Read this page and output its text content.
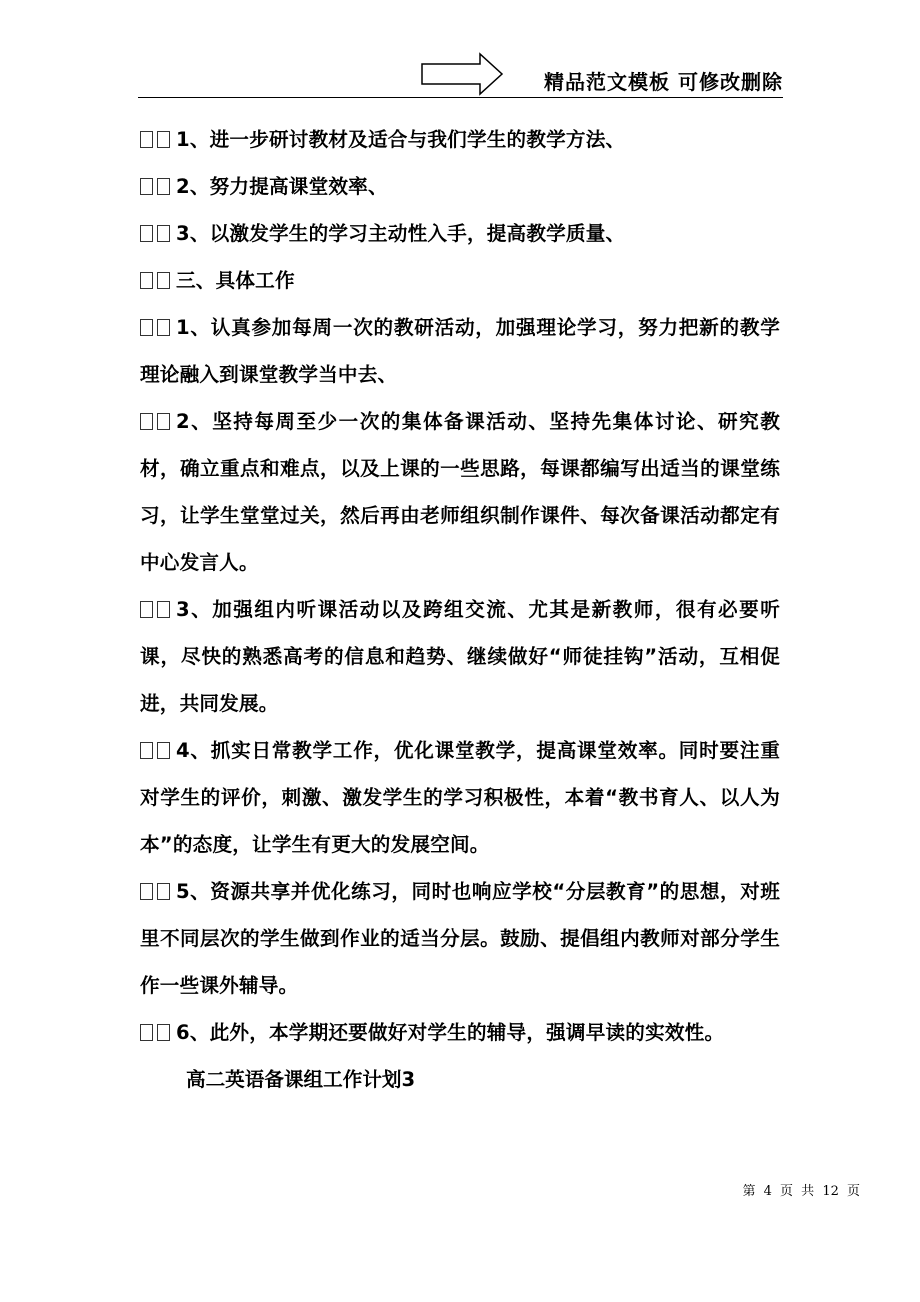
精品范文模板 可修改删除

1、进一步研讨教材及适合与我们学生的教学方法、

2、努力提高课堂效率、

3、以激发学生的学习主动性入手，提高教学质量、

三、具体工作

1、认真参加每周一次的教研活动，加强理论学习，努力把新的教学理论融入到课堂教学当中去、

2、坚持每周至少一次的集体备课活动、坚持先集体讨论、研究教材，确立重点和难点，以及上课的一些思路，每课都编写出适当的课堂练习，让学生堂堂过关，然后再由老师组织制作课件、每次备课活动都定有中心发言人。

3、加强组内听课活动以及跨组交流、尤其是新教师，很有必要听课，尽快的熟悉高考的信息和趋势、继续做好“师徒挂钩”活动，互相促进，共同发展。

4、抓实日常教学工作，优化课堂教学，提高课堂效率。同时要注重对学生的评价，刺激、激发学生的学习积极性，本着“教书育人、以人为本”的态度，让学生有更大的发展空间。

5、资源共享并优化练习，同时也响应学校“分层教育”的思想，对班里不同层次的学生做到作业的适当分层。鼓励、提倡组内教师对部分学生作一些课外辅导。

6、此外，本学期还要做好对学生的辅导，强调早读的实效性。

高二英语备课组工作计划3

第 4 页 共 12 页
